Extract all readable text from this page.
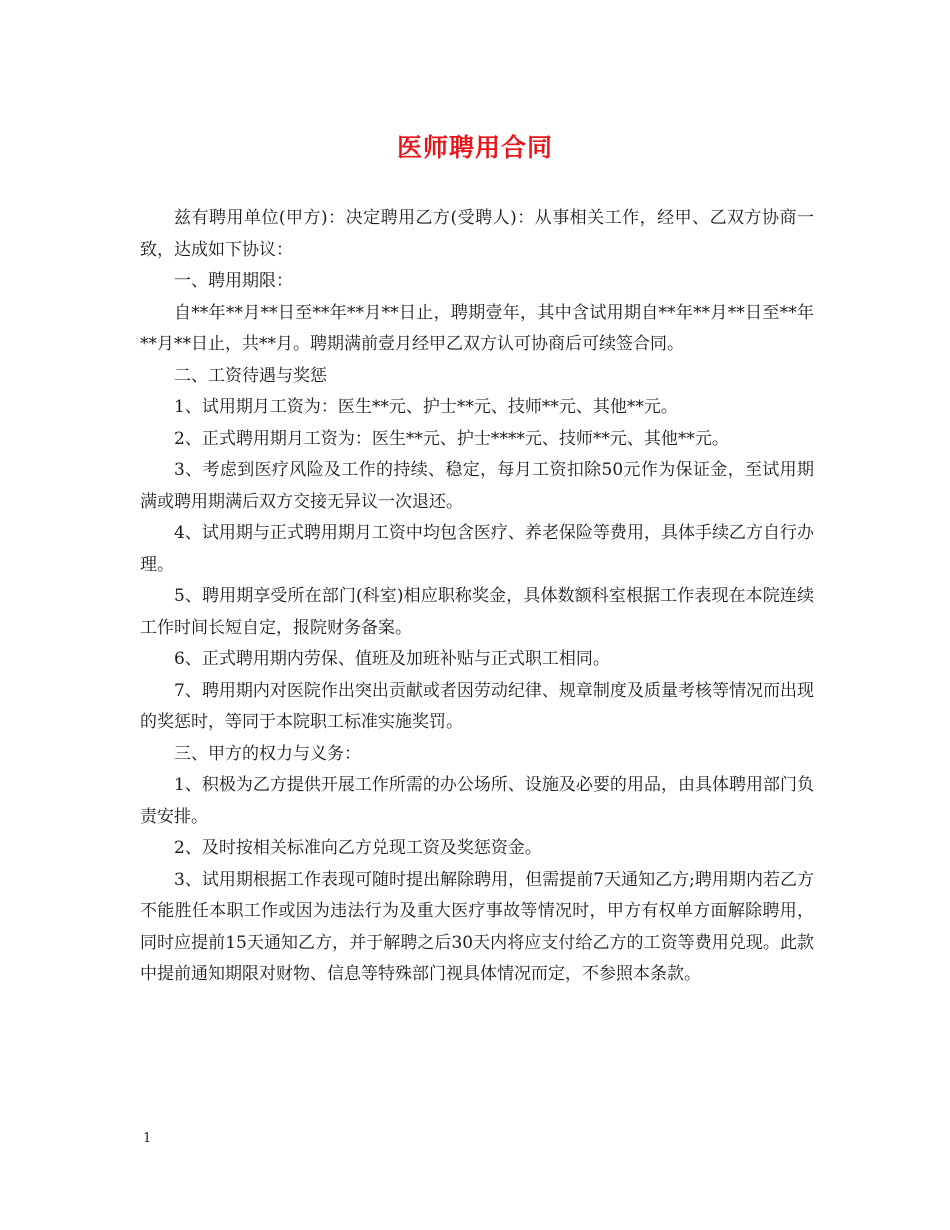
医师聘用合同

兹有聘用单位(甲方)：决定聘用乙方(受聘人)：从事相关工作，经甲、乙双方协商一致，达成如下协议：

一、聘用期限：

自**年**月**日至**年**月**日止，聘期壹年，其中含试用期自**年**月**日至**年**月**日止，共**月。聘期满前壹月经甲乙双方认可协商后可续签合同。

二、工资待遇与奖惩

1、试用期月工资为：医生**元、护士**元、技师**元、其他**元。

2、正式聘用期月工资为：医生**元、护士****元、技师**元、其他**元。

3、考虑到医疗风险及工作的持续、稳定，每月工资扣除50元作为保证金，至试用期满或聘用期满后双方交接无异议一次退还。

4、试用期与正式聘用期月工资中均包含医疗、养老保险等费用，具体手续乙方自行办理。

5、聘用期享受所在部门(科室)相应职称奖金，具体数额科室根据工作表现在本院连续工作时间长短自定，报院财务备案。

6、正式聘用期内劳保、值班及加班补贴与正式职工相同。

7、聘用期内对医院作出突出贡献或者因劳动纪律、规章制度及质量考核等情况而出现的奖惩时，等同于本院职工标准实施奖罚。

三、甲方的权力与义务：

1、积极为乙方提供开展工作所需的办公场所、设施及必要的用品，由具体聘用部门负责安排。

2、及时按相关标准向乙方兑现工资及奖惩资金。

3、试用期根据工作表现可随时提出解除聘用，但需提前7天通知乙方;聘用期内若乙方不能胜任本职工作或因为违法行为及重大医疗事故等情况时，甲方有权单方面解除聘用，同时应提前15天通知乙方，并于解聘之后30天内将应支付给乙方的工资等费用兑现。此款中提前通知期限对财物、信息等特殊部门视具体情况而定，不参照本条款。

1
